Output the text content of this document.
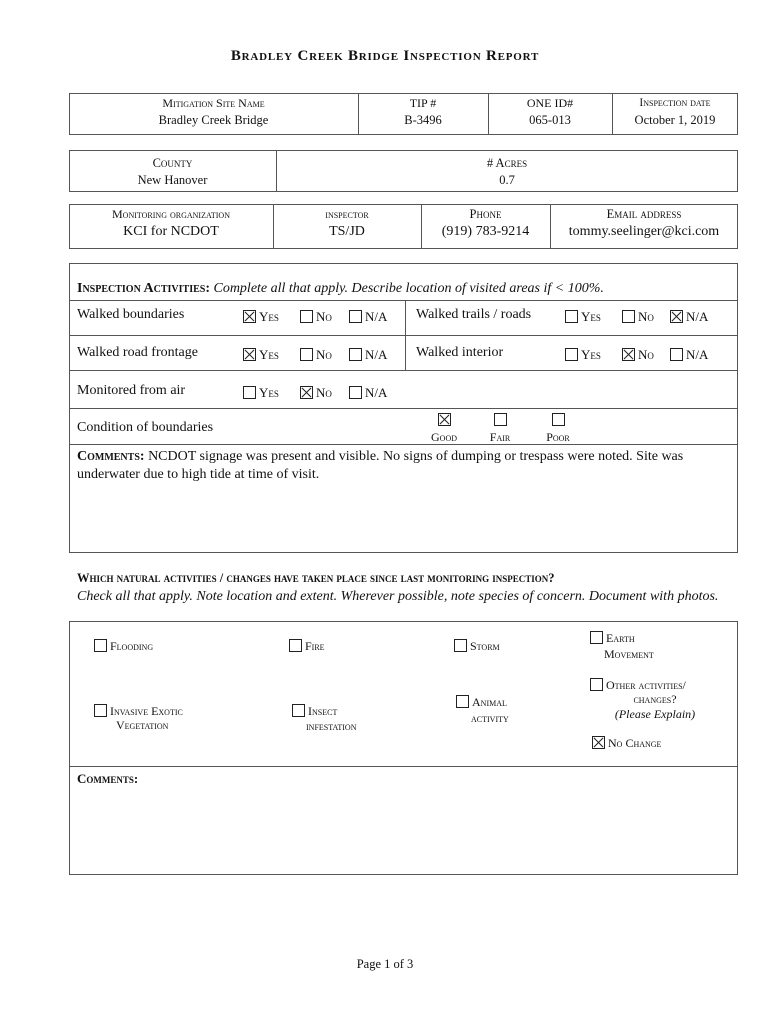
Bradley Creek Bridge Inspection Report
Mitigation Site Name
Bradley Creek Bridge
TIP #
B-3496
ONE ID#
065-013
Inspection date
October 1, 2019
County
New Hanover
# Acres
0.7
Monitoring organization
KCI for NCDOT
inspector
TS/JD
Phone
(919) 783-9214
Email address
tommy.seelinger@kci.com
Inspection Activities: Complete all that apply. Describe location of visited areas if < 100%.
Walked boundaries	Yes	No	N/A Walked trails / roads	Yes	No	N/A
Walked road frontage	Yes	No	N/A Walked interior	Yes	No	N/A
Monitored from air	Yes	No	N/A
Condition of boundaries
Good	Fair	Poor
Comments: NCDOT signage was present and visible. No signs of dumping or trespass were noted. Site was underwater due to high tide at time of visit.
Which natural activities / changes have taken place since last monitoring inspection?
Check all that apply. Note location and extent. Wherever possible, note species of concern. Document with photos.
Flooding	Fire	Storm
Earth
Movement
Invasive Exotic
Vegetation
Insect
infestation
Animal
activity
Other activities/
changes?
(Please Explain)
No Change
Comments:
Page 1 of 3
